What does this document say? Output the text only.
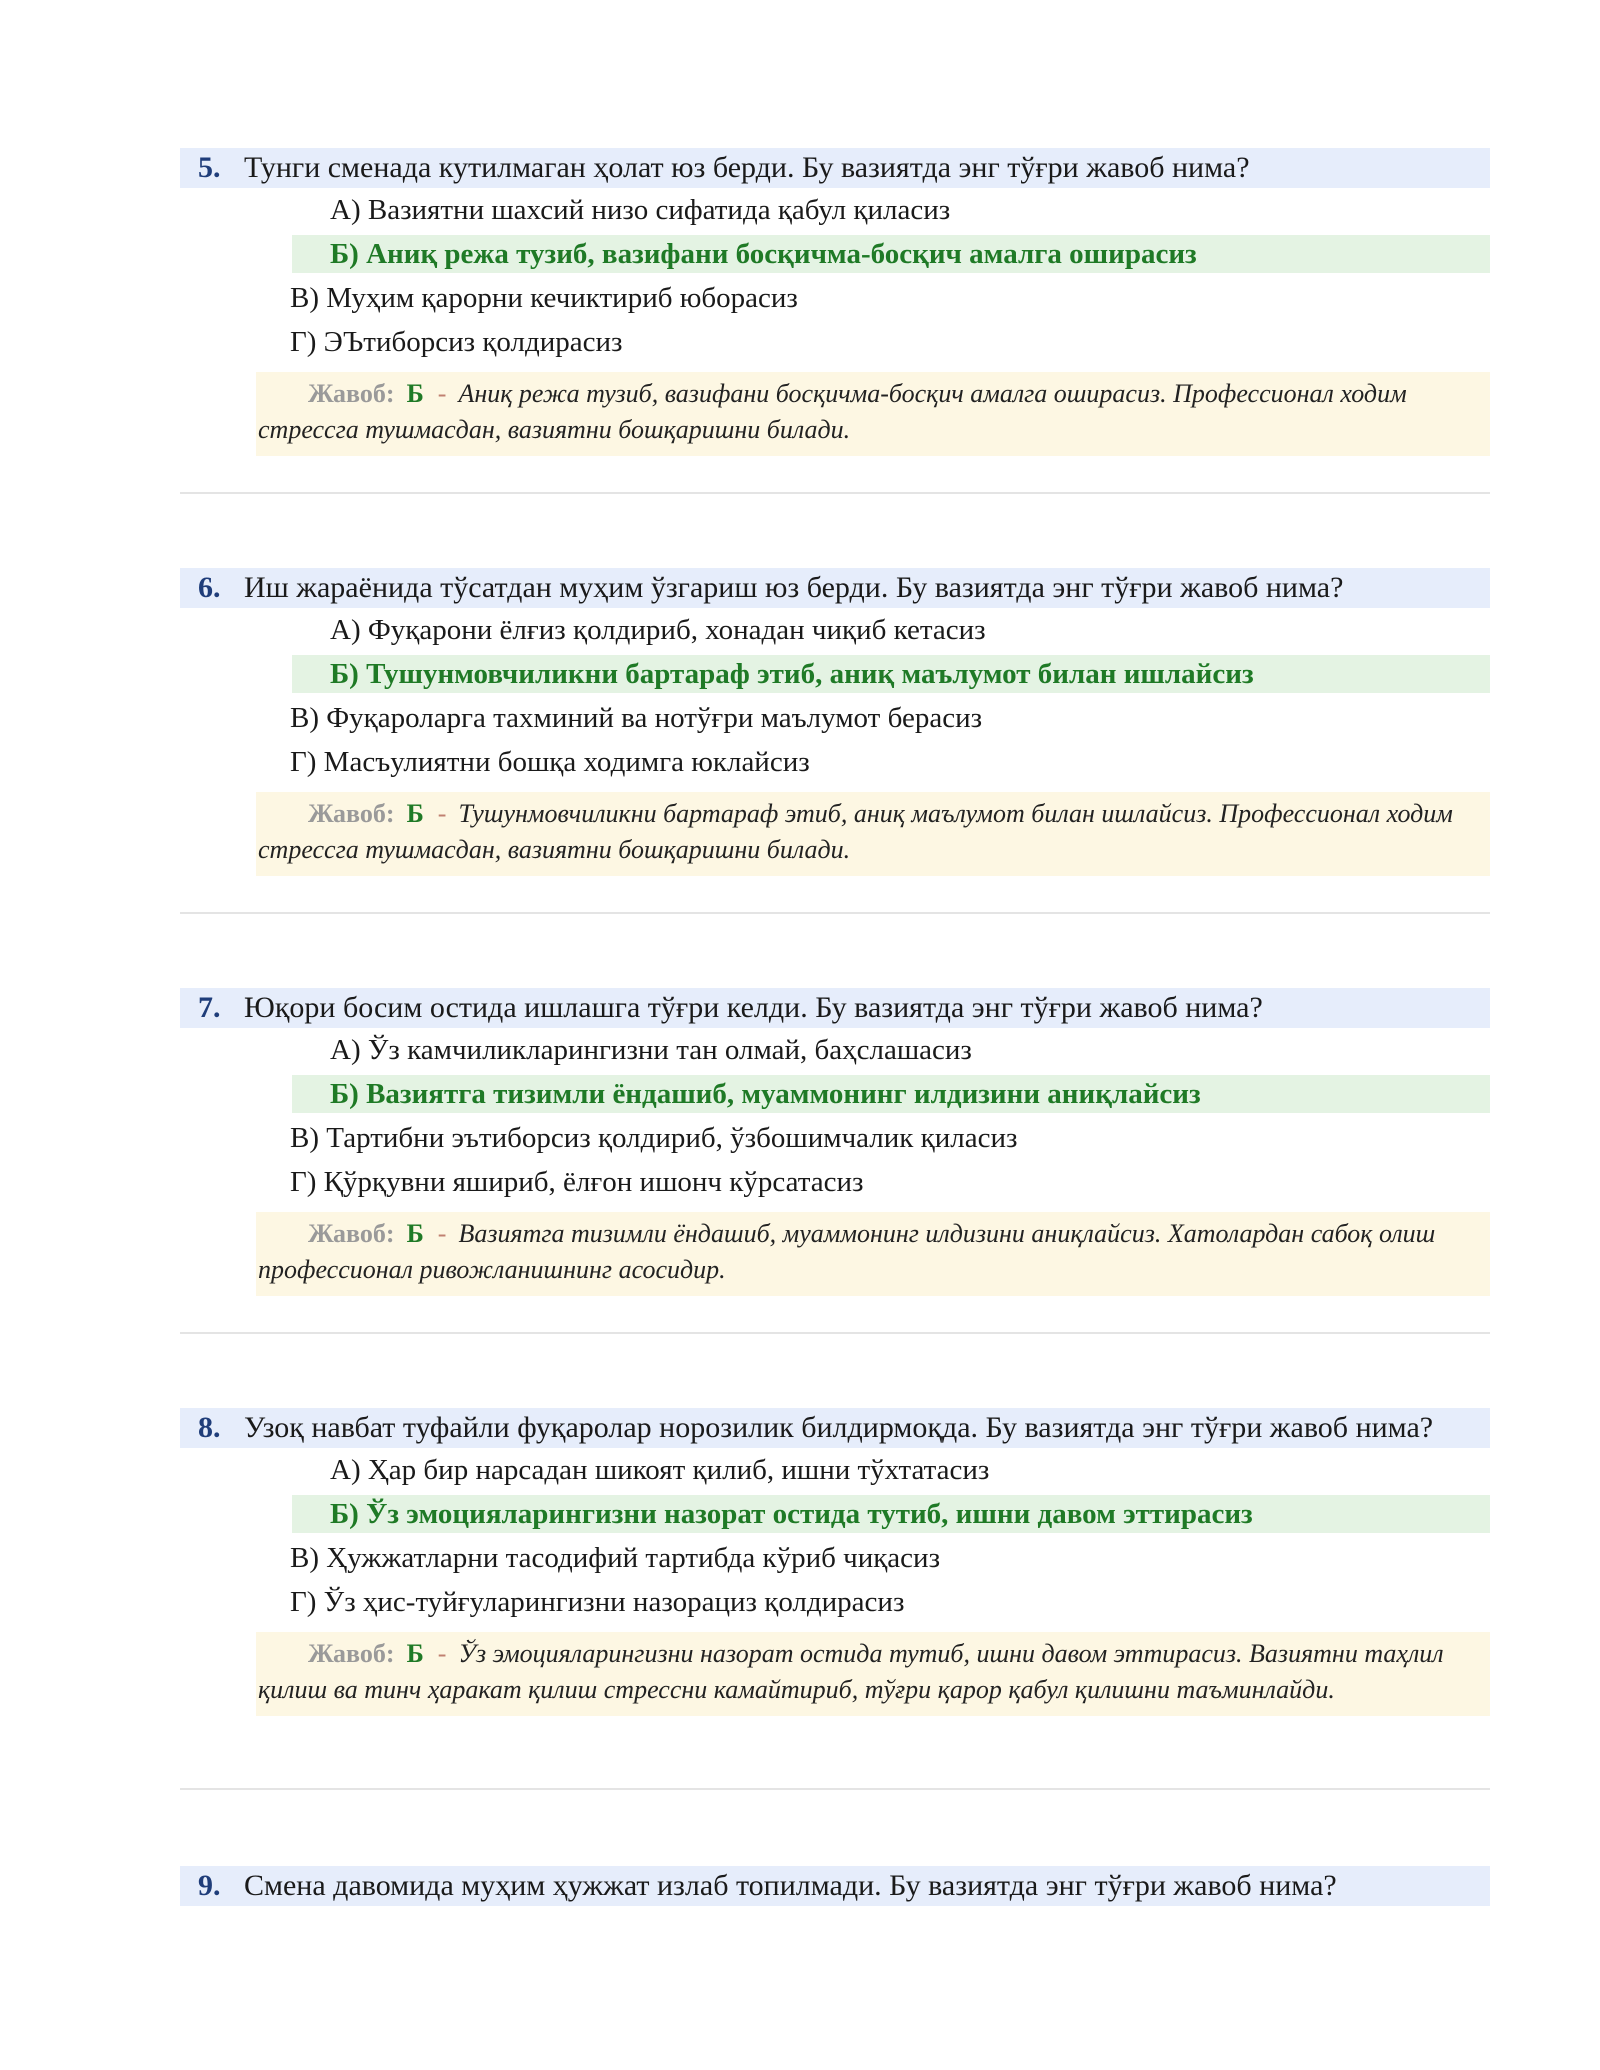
5. Тунги сменада кутилмаган ҳолат юз берди. Бу вазиятда энг тўғри жавоб нима?
А) Вазиятни шахсий низо сифатида қабул қиласиз
Б) Аниқ режа тузиб, вазифани босқичма-босқич амалга оширасиз
В) Муҳим қарорни кечиктириб юборасиз
Г) ЭЪтиборсиз қолдирасиз
Жавоб: Б - Аниқ режа тузиб, вазифани босқичма-босқич амалга оширасиз. Профессионал ходим стрессга тушмасдан, вазиятни бошқаришни билади.
6. Иш жараёнида тўсатдан муҳим ўзгариш юз берди. Бу вазиятда энг тўғри жавоб нима?
А) Фуқарони ёлғиз қолдириб, хонадан чиқиб кетасиз
Б) Тушунмовчиликни бартараф этиб, аниқ маълумот билан ишлайсиз
В) Фуқароларга тахминий ва нотўғри маълумот берасиз
Г) Масъулиятни бошқа ходимга юклайсиз
Жавоб: Б - Тушунмовчиликни бартараф этиб, аниқ маълумот билан ишлайсиз. Профессионал ходим стрессга тушмасдан, вазиятни бошқаришни билади.
7. Юқори босим остида ишлашга тўғри келди. Бу вазиятда энг тўғри жавоб нима?
А) Ўз камчиликларингизни тан олмай, баҳслашасиз
Б) Вазиятга тизимли ёндашиб, муаммонинг илдизини аниқлайсиз
В) Тартибни эътиборсиз қолдириб, ўзбошимчалик қиласиз
Г) Қўрқувни яшириб, ёлғон ишонч кўрсатасиз
Жавоб: Б - Вазиятга тизимли ёндашиб, муаммонинг илдизини аниқлайсиз. Хатолардан сабоқ олиш профессионал ривожланишнинг асосидир.
8. Узоқ навбат туфайли фуқаролар норозилик билдирмоқда. Бу вазиятда энг тўғри жавоб нима?
А) Ҳар бир нарсадан шикоят қилиб, ишни тўхтатасиз
Б) Ўз эмоцияларингизни назорат остида тутиб, ишни давом эттирасиз
В) Ҳужжатларни тасодифий тартибда кўриб чиқасиз
Г) Ўз ҳис-туйғуларингизни назорациз қолдирасиз
Жавоб: Б - Ўз эмоцияларингизни назорат остида тутиб, ишни давом эттирасиз. Вазиятни таҳлил қилиш ва тинч ҳаракат қилиш стрессни камайтириб, тўғри қарор қабул қилишни таъминлайди.
9. Смена давомида муҳим ҳужжат излаб топилмади. Бу вазиятда энг тўғри жавоб нима?
